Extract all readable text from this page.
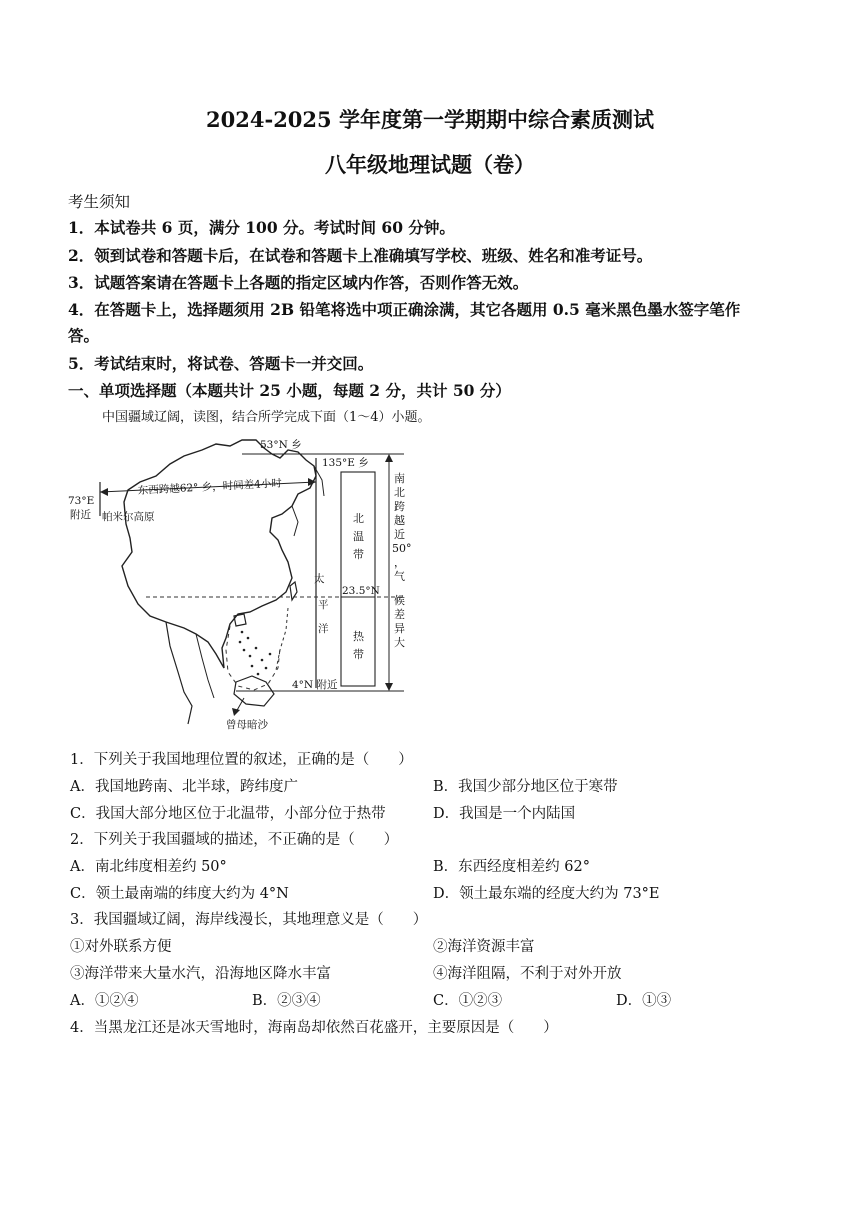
2024-2025 学年度第一学期期中综合素质测试
八年级地理试题（卷）
考生须知
1．本试卷共 6 页，满分 100 分。考试时间 60 分钟。
2．领到试卷和答题卡后，在试卷和答题卡上准确填写学校、班级、姓名和准考证号。
3．试题答案请在答题卡上各题的指定区域内作答，否则作答无效。
4．在答题卡上，选择题须用 2B 铅笔将选中项正确涂满，其它各题用 0.5 毫米黑色墨水签字笔作
答。
5．考试结束时，将试卷、答题卡一并交回。
一、单项选择题（本题共计 25 小题，每题 2 分，共计 50 分）
中国疆域辽阔，读图，结合所学完成下面（1～4）小题。
53°N 乡
135°E 乡
73°E
附近
东西跨越62° 乡，时间差4小时
帕米尔高原
太
平
洋
23.5°N
4°N 附近
曾母暗沙
北
温
带
热
带
南
北
跨
越
近
50°
，
气
候
差
异
大
1．下列关于我国地理位置的叙述，正确的是（　　）
A．我国地跨南、北半球，跨纬度广	B．我国少部分地区位于寒带
C．我国大部分地区位于北温带，小部分位于热带	D．我国是一个内陆国
2．下列关于我国疆域的描述，不正确的是（　　）
A．南北纬度相差约 50°	B．东西经度相差约 62°
C．领土最南端的纬度大约为 4°N	D．领土最东端的经度大约为 73°E
3．我国疆域辽阔，海岸线漫长，其地理意义是（　　）
①对外联系方便	②海洋资源丰富
③海洋带来大量水汽，沿海地区降水丰富	④海洋阻隔，不利于对外开放
A．①②④	B．②③④	C．①②③	D．①③
4．当黑龙江还是冰天雪地时，海南岛却依然百花盛开，主要原因是（　　）
